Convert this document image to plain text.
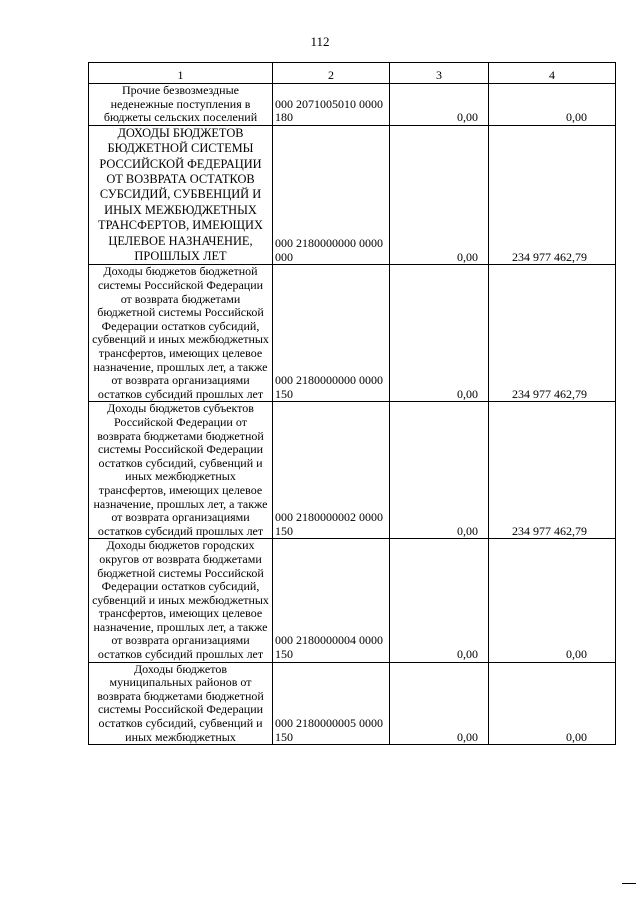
112
1	2	3	4
Прочие безвозмездные неденежные поступления в бюджеты сельских поселений	000 2071005010 0000 180	0,00	0,00
ДОХОДЫ БЮДЖЕТОВ БЮДЖЕТНОЙ СИСТЕМЫ РОССИЙСКОЙ ФЕДЕРАЦИИ ОТ ВОЗВРАТА ОСТАТКОВ СУБСИДИЙ, СУБВЕНЦИЙ И ИНЫХ МЕЖБЮДЖЕТНЫХ ТРАНСФЕРТОВ, ИМЕЮЩИХ ЦЕЛЕВОЕ НАЗНАЧЕНИЕ, ПРОШЛЫХ ЛЕТ	000 2180000000 0000 000	0,00	234 977 462,79
Доходы бюджетов бюджетной системы Российской Федерации от возврата бюджетами бюджетной системы Российской Федерации остатков субсидий, субвенций и иных межбюджетных трансфертов, имеющих целевое назначение, прошлых лет, а также от возврата организациями остатков субсидий прошлых лет	000 2180000000 0000 150	0,00	234 977 462,79
Доходы бюджетов субъектов Российской Федерации от возврата бюджетами бюджетной системы Российской Федерации остатков субсидий, субвенций и иных межбюджетных трансфертов, имеющих целевое назначение, прошлых лет, а также от возврата организациями остатков субсидий прошлых лет	000 2180000002 0000 150	0,00	234 977 462,79
Доходы бюджетов городских округов от возврата бюджетами бюджетной системы Российской Федерации остатков субсидий, субвенций и иных межбюджетных трансфертов, имеющих целевое назначение, прошлых лет, а также от возврата организациями остатков субсидий прошлых лет	000 2180000004 0000 150	0,00	0,00
Доходы бюджетов муниципальных районов от возврата бюджетами бюджетной системы Российской Федерации остатков субсидий, субвенций и иных межбюджетных	000 2180000005 0000 150	0,00	0,00
